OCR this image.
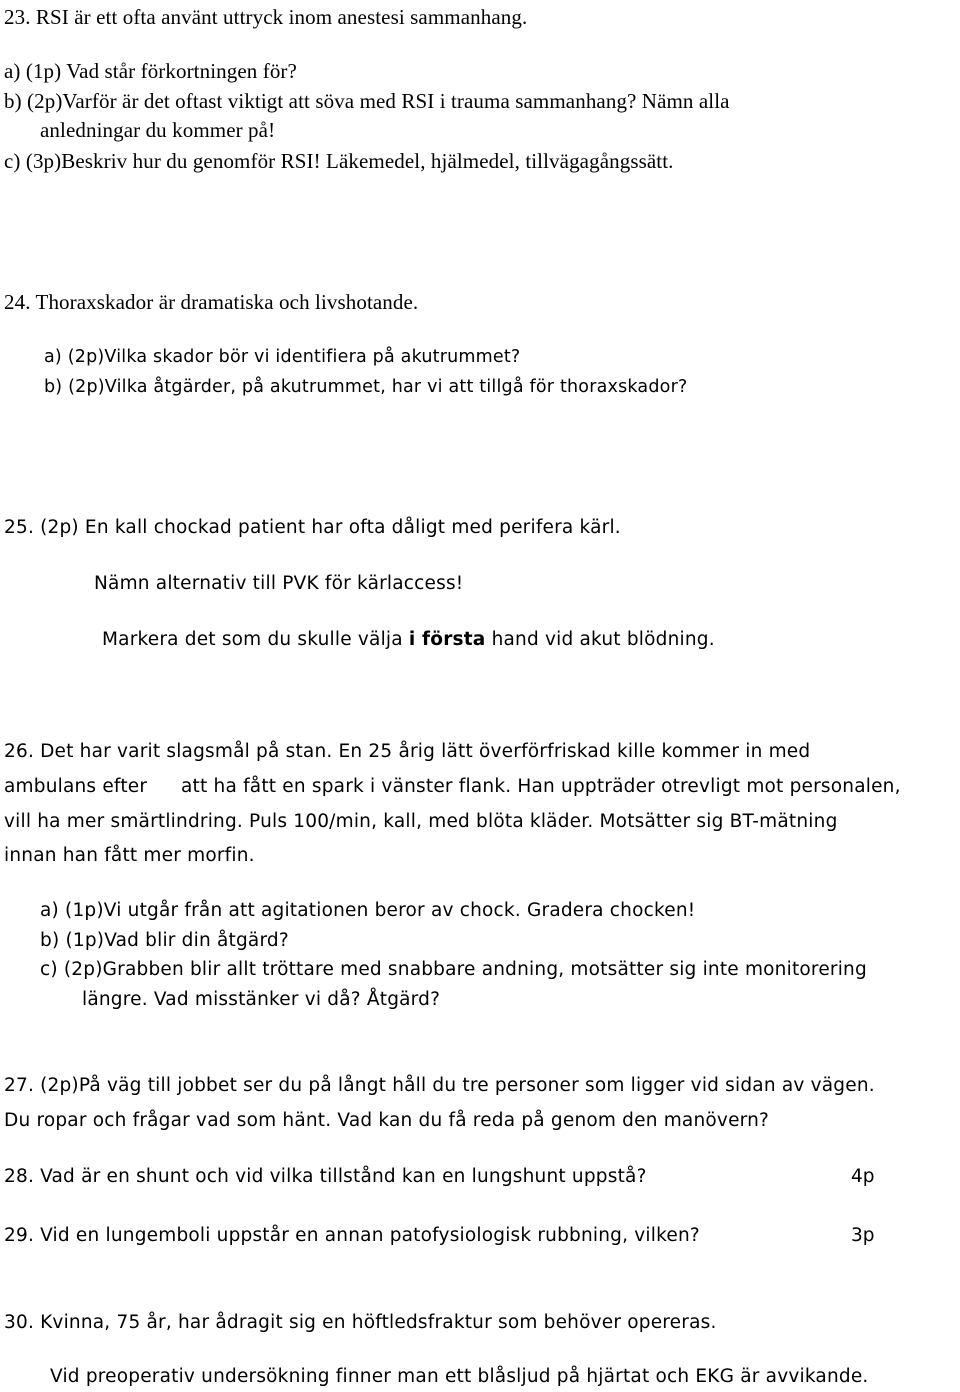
23. RSI är ett ofta använt uttryck inom anestesi sammanhang.

a) (1p) Vad står förkortningen för?

b) (2p)Varför är det oftast viktigt att söva med RSI i trauma sammanhang? Nämn alla

anledningar du kommer på!

c) (3p)Beskriv hur du genomför RSI! Läkemedel, hjälmedel, tillvägagångssätt.

24. Thoraxskador är dramatiska och livshotande.

a) (2p)Vilka skador bör vi identifiera på akutrummet?

b) (2p)Vilka åtgärder, på akutrummet, har vi att tillgå för thoraxskador?

25. (2p) En kall chockad patient har ofta dåligt med perifera kärl.

Nämn alternativ till PVK för kärlaccess!

Markera det som du skulle välja i första hand vid akut blödning.

26. Det har varit slagsmål på stan. En 25 årig lätt överförfriskad kille kommer in med

ambulans efter att ha fått en spark i vänster flank. Han uppträder otrevligt mot personalen,

vill ha mer smärtlindring. Puls 100/min, kall, med blöta kläder. Motsätter sig BT-mätning

innan han fått mer morfin.

a) (1p)Vi utgår från att agitationen beror av chock. Gradera chocken!

b) (1p)Vad blir din åtgärd?

c) (2p)Grabben blir allt tröttare med snabbare andning, motsätter sig inte monitorering

längre. Vad misstänker vi då? Åtgärd?

27. (2p)På väg till jobbet ser du på långt håll du tre personer som ligger vid sidan av vägen.

Du ropar och frågar vad som hänt. Vad kan du få reda på genom den manövern?

28. Vad är en shunt och vid vilka tillstånd kan en lungshunt uppstå?	4p

29. Vid en lungemboli uppstår en annan patofysiologisk rubbning, vilken?	3p

30. Kvinna, 75 år, har ådragit sig en höftledsfraktur som behöver opereras.

Vid preoperativ undersökning finner man ett blåsljud på hjärtat och EKG är avvikande.
